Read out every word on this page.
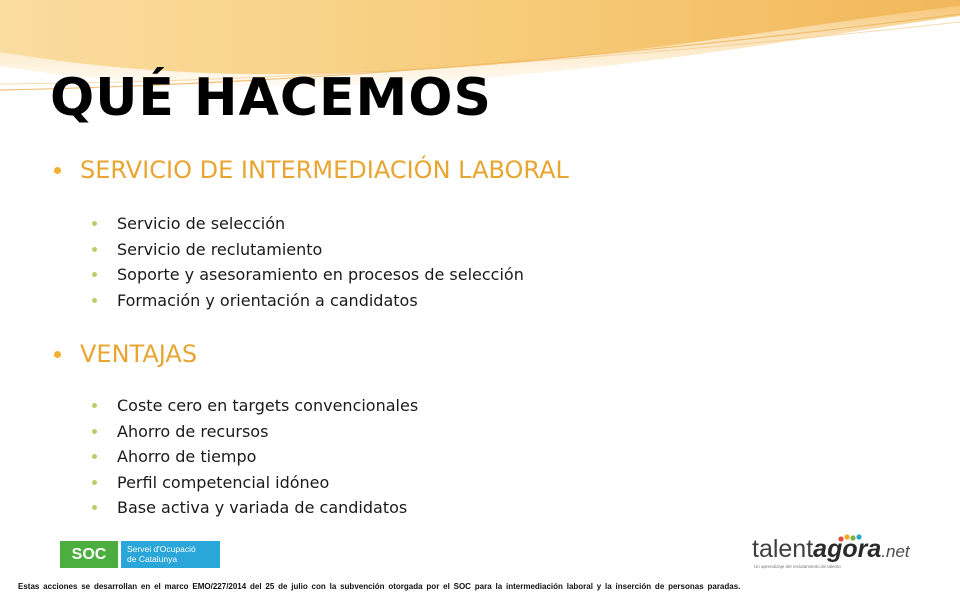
QUÉ HACEMOS
SERVICIO DE INTERMEDIACIÓN LABORAL
Servicio de selección
Servicio de reclutamiento
Soporte y asesoramiento en procesos de selección
Formación y orientación a candidatos
VENTAJAS
Coste cero en targets convencionales
Ahorro de recursos
Ahorro de tiempo
Perfil competencial idóneo
Base activa y variada de candidatos
SOC	Servei d'Ocupació
de Catalunya	talentagora.net
Un aprendizaje del reclutamiento de talento

Estas acciones se desarrollan en el marco EMO/227/2014 del 25 de julio con la subvención otorgada por el SOC para la intermediación laboral y la inserción de personas paradas.
